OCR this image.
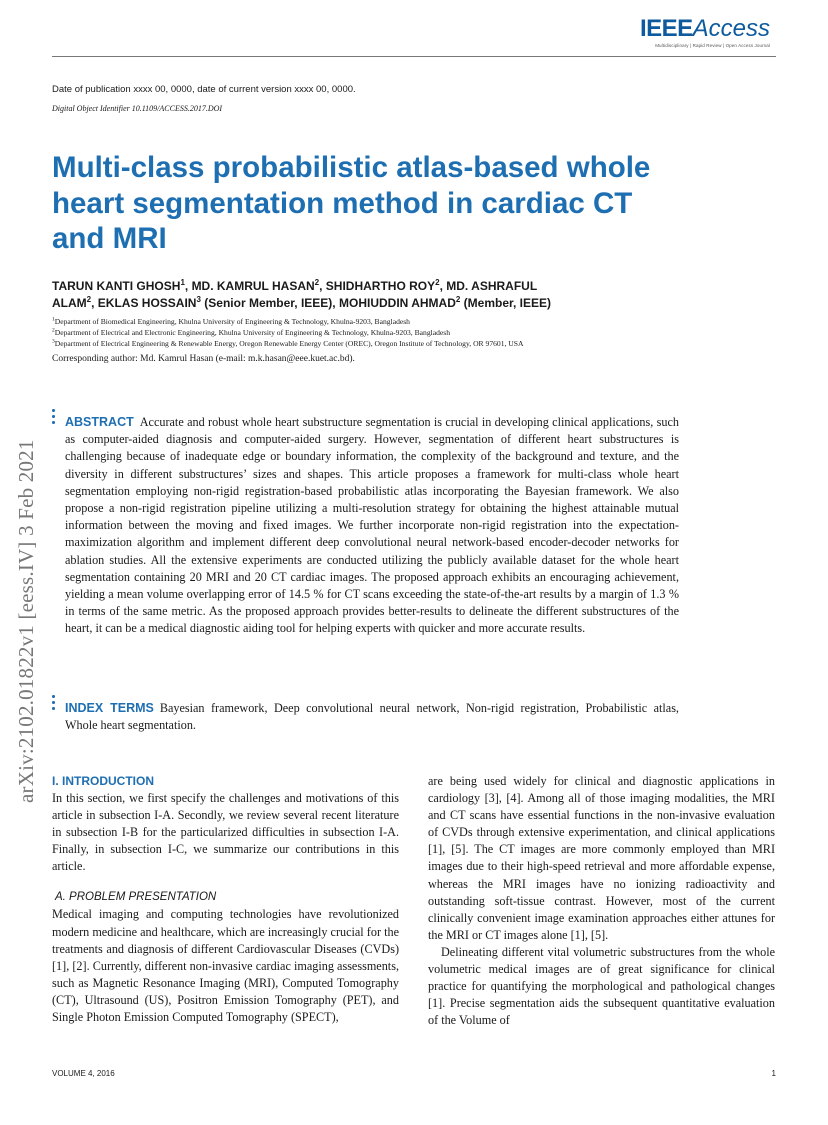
IEEEAccess
Multidisciplinary | Rapid Review | Open Access Journal
Date of publication xxxx 00, 0000, date of current version xxxx 00, 0000.
Digital Object Identifier 10.1109/ACCESS.2017.DOI
Multi-class probabilistic atlas-based whole heart segmentation method in cardiac CT and MRI
TARUN KANTI GHOSH$^1$, MD. KAMRUL HASAN$^2$, SHIDHARTHO ROY$^2$, MD. ASHRAFUL
ALAM$^2$, EKLAS HOSSAIN$^3$ (Senior Member, IEEE), MOHIUDDIN AHMAD$^2$ (Member, IEEE)
$^1$Department of Biomedical Engineering, Khulna University of Engineering & Technology, Khulna-9203, Bangladesh
$^2$Department of Electrical and Electronic Engineering, Khulna University of Engineering & Technology, Khulna-9203, Bangladesh
$^3$Department of Electrical Engineering & Renewable Energy, Oregon Renewable Energy Center (OREC), Oregon Institute of Technology, OR 97601, USA
Corresponding author: Md. Kamrul Hasan (e-mail: m.k.hasan@eee.kuet.ac.bd).
arXiv:2102.01822v1 [eess.IV] 3 Feb 2021
ABSTRACT Accurate and robust whole heart substructure segmentation is crucial in developing clinical applications, such as computer-aided diagnosis and computer-aided surgery. However, segmentation of different heart substructures is challenging because of inadequate edge or boundary information, the complexity of the background and texture, and the diversity in different substructures’ sizes and shapes. This article proposes a framework for multi-class whole heart segmentation employing non-rigid registration-based probabilistic atlas incorporating the Bayesian framework. We also propose a non-rigid registration pipeline utilizing a multi-resolution strategy for obtaining the highest attainable mutual information between the moving and fixed images. We further incorporate non-rigid registration into the expectation-maximization algorithm and implement different deep convolutional neural network-based encoder-decoder networks for ablation studies. All the extensive experiments are conducted utilizing the publicly available dataset for the whole heart segmentation containing 20 MRI and 20 CT cardiac images. The proposed approach exhibits an encouraging achievement, yielding a mean volume overlapping error of 14.5 % for CT scans exceeding the state-of-the-art results by a margin of 1.3 % in terms of the same metric. As the proposed approach provides better-results to delineate the different substructures of the heart, it can be a medical diagnostic aiding tool for helping experts with quicker and more accurate results.
INDEX TERMS Bayesian framework, Deep convolutional neural network, Non-rigid registration, Probabilistic atlas, Whole heart segmentation.
I. INTRODUCTION

In this section, we first specify the challenges and motivations of this article in subsection I-A. Secondly, we review several recent literature in subsection I-B for the particularized difficulties in subsection I-A. Finally, in subsection I-C, we summarize our contributions in this article.

A. PROBLEM PRESENTATION

Medical imaging and computing technologies have revolutionized modern medicine and healthcare, which are increasingly crucial for the treatments and diagnosis of different Cardiovascular Diseases (CVDs) [1], [2]. Currently, different non-invasive cardiac imaging assessments, such as Magnetic Resonance Imaging (MRI), Computed Tomography (CT), Ultrasound (US), Positron Emission Tomography (PET), and Single Photon Emission Computed Tomography (SPECT),

are being used widely for clinical and diagnostic applications in cardiology [3], [4]. Among all of those imaging modalities, the MRI and CT scans have essential functions in the non-invasive evaluation of CVDs through extensive experimentation, and clinical applications [1], [5]. The CT images are more commonly employed than MRI images due to their high-speed retrieval and more affordable expense, whereas the MRI images have no ionizing radioactivity and outstanding soft-tissue contrast. However, most of the current clinically convenient image examination approaches either attunes for the MRI or CT images alone [1], [5].

Delineating different vital volumetric substructures from the whole volumetric medical images are of great significance for clinical practice for quantifying the morphological and pathological changes [1]. Precise segmentation aids the subsequent quantitative evaluation of the Volume of

VOLUME 4, 2016	1
